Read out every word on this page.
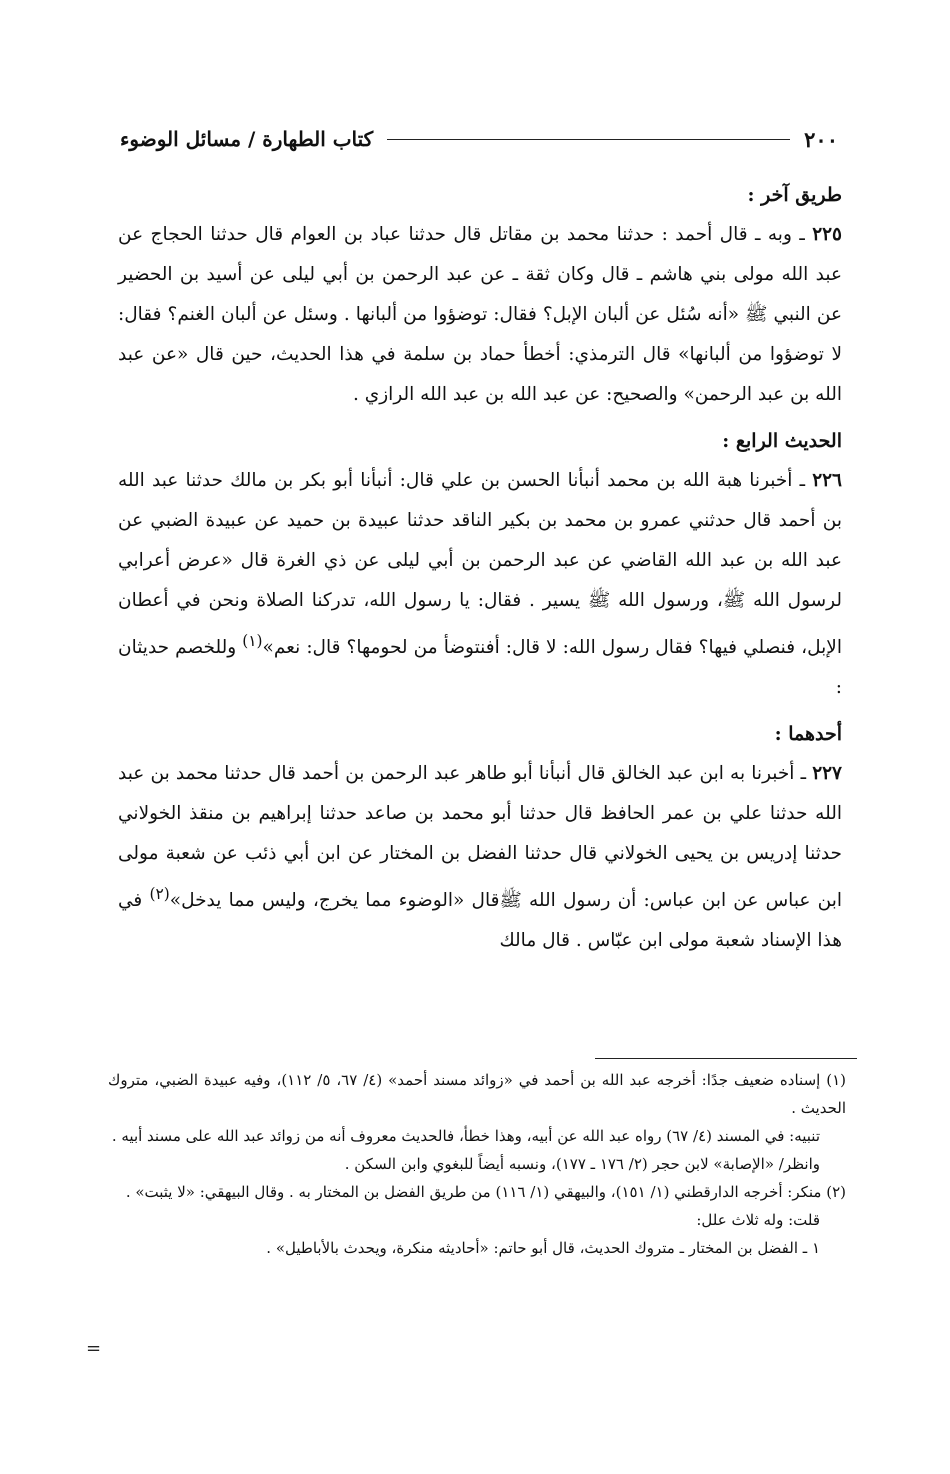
٢٠٠
كتاب الطهارة / مسائل الوضوء

طريق آخر :

٢٢٥ ـ وبه ـ قال أحمد : حدثنا محمد بن مقاتل قال حدثنا عباد بن العوام قال حدثنا الحجاج عن عبد الله مولى بني هاشم ـ قال وكان ثقة ـ عن عبد الرحمن بن أبي ليلى عن أسيد بن الحضير عن النبي ﷺ «أنه سُئل عن ألبان الإبل؟ فقال: توضؤوا من ألبانها . وسئل عن ألبان الغنم؟ فقال: لا توضؤوا من ألبانها» قال الترمذي: أخطأ حماد بن سلمة في هذا الحديث، حين قال «عن عبد الله بن عبد الرحمن» والصحيح: عن عبد الله بن عبد الله الرازي .

الحديث الرابع :

٢٢٦ ـ أخبرنا هبة الله بن محمد أنبأنا الحسن بن علي قال: أنبأنا أبو بكر بن مالك حدثنا عبد الله بن أحمد قال حدثني عمرو بن محمد بن بكير الناقد حدثنا عبيدة بن حميد عن عبيدة الضبي عن عبد الله بن عبد الله القاضي عن عبد الرحمن بن أبي ليلى عن ذي الغرة قال «عرض أعرابي لرسول الله ﷺ، ورسول الله ﷺ يسير . فقال: يا رسول الله، تدركنا الصلاة ونحن في أعطان الإبل، فنصلي فيها؟ فقال رسول الله: لا قال: أفنتوضأ من لحومها؟ قال: نعم»$^{(١)}$ وللخصم حديثان :

أحدهما :

٢٢٧ ـ أخبرنا به ابن عبد الخالق قال أنبأنا أبو طاهر عبد الرحمن بن أحمد قال حدثنا محمد بن عبد الله حدثنا علي بن عمر الحافظ قال حدثنا أبو محمد بن صاعد حدثنا إبراهيم بن منقذ الخولاني حدثنا إدريس بن يحيى الخولاني قال حدثنا الفضل بن المختار عن ابن أبي ذئب عن شعبة مولى ابن عباس عن ابن عباس: أن رسول الله ﷺقال «الوضوء مما يخرج، وليس مما يدخل»$^{(٢)}$ في هذا الإسناد شعبة مولى ابن عبّاس . قال مالك

(١) إسناده ضعيف جدًا: أخرجه عبد الله بن أحمد في «زوائد مسند أحمد» (٤/ ٦٧، ٥/ ١١٢)، وفيه عبيدة الضبي، متروك الحديث .

تنبيه: في المسند (٤/ ٦٧) رواه عبد الله عن أبيه، وهذا خطأ، فالحديث معروف أنه من زوائد عبد الله على مسند أبيه .

وانظر/ «الإصابة» لابن حجر (٢/ ١٧٦ ـ ١٧٧)، ونسبه أيضاً للبغوي وابن السكن .

(٢) منكر: أخرجه الدارقطني (١/ ١٥١)، والبيهقي (١/ ١١٦) من طريق الفضل بن المختار به . وقال البيهقي: «لا يثبت» .

قلت: وله ثلاث علل:

١ ـ الفضل بن المختار ـ متروك الحديث، قال أبو حاتم: «أحاديثه منكرة، ويحدث بالأباطيل» .

=
